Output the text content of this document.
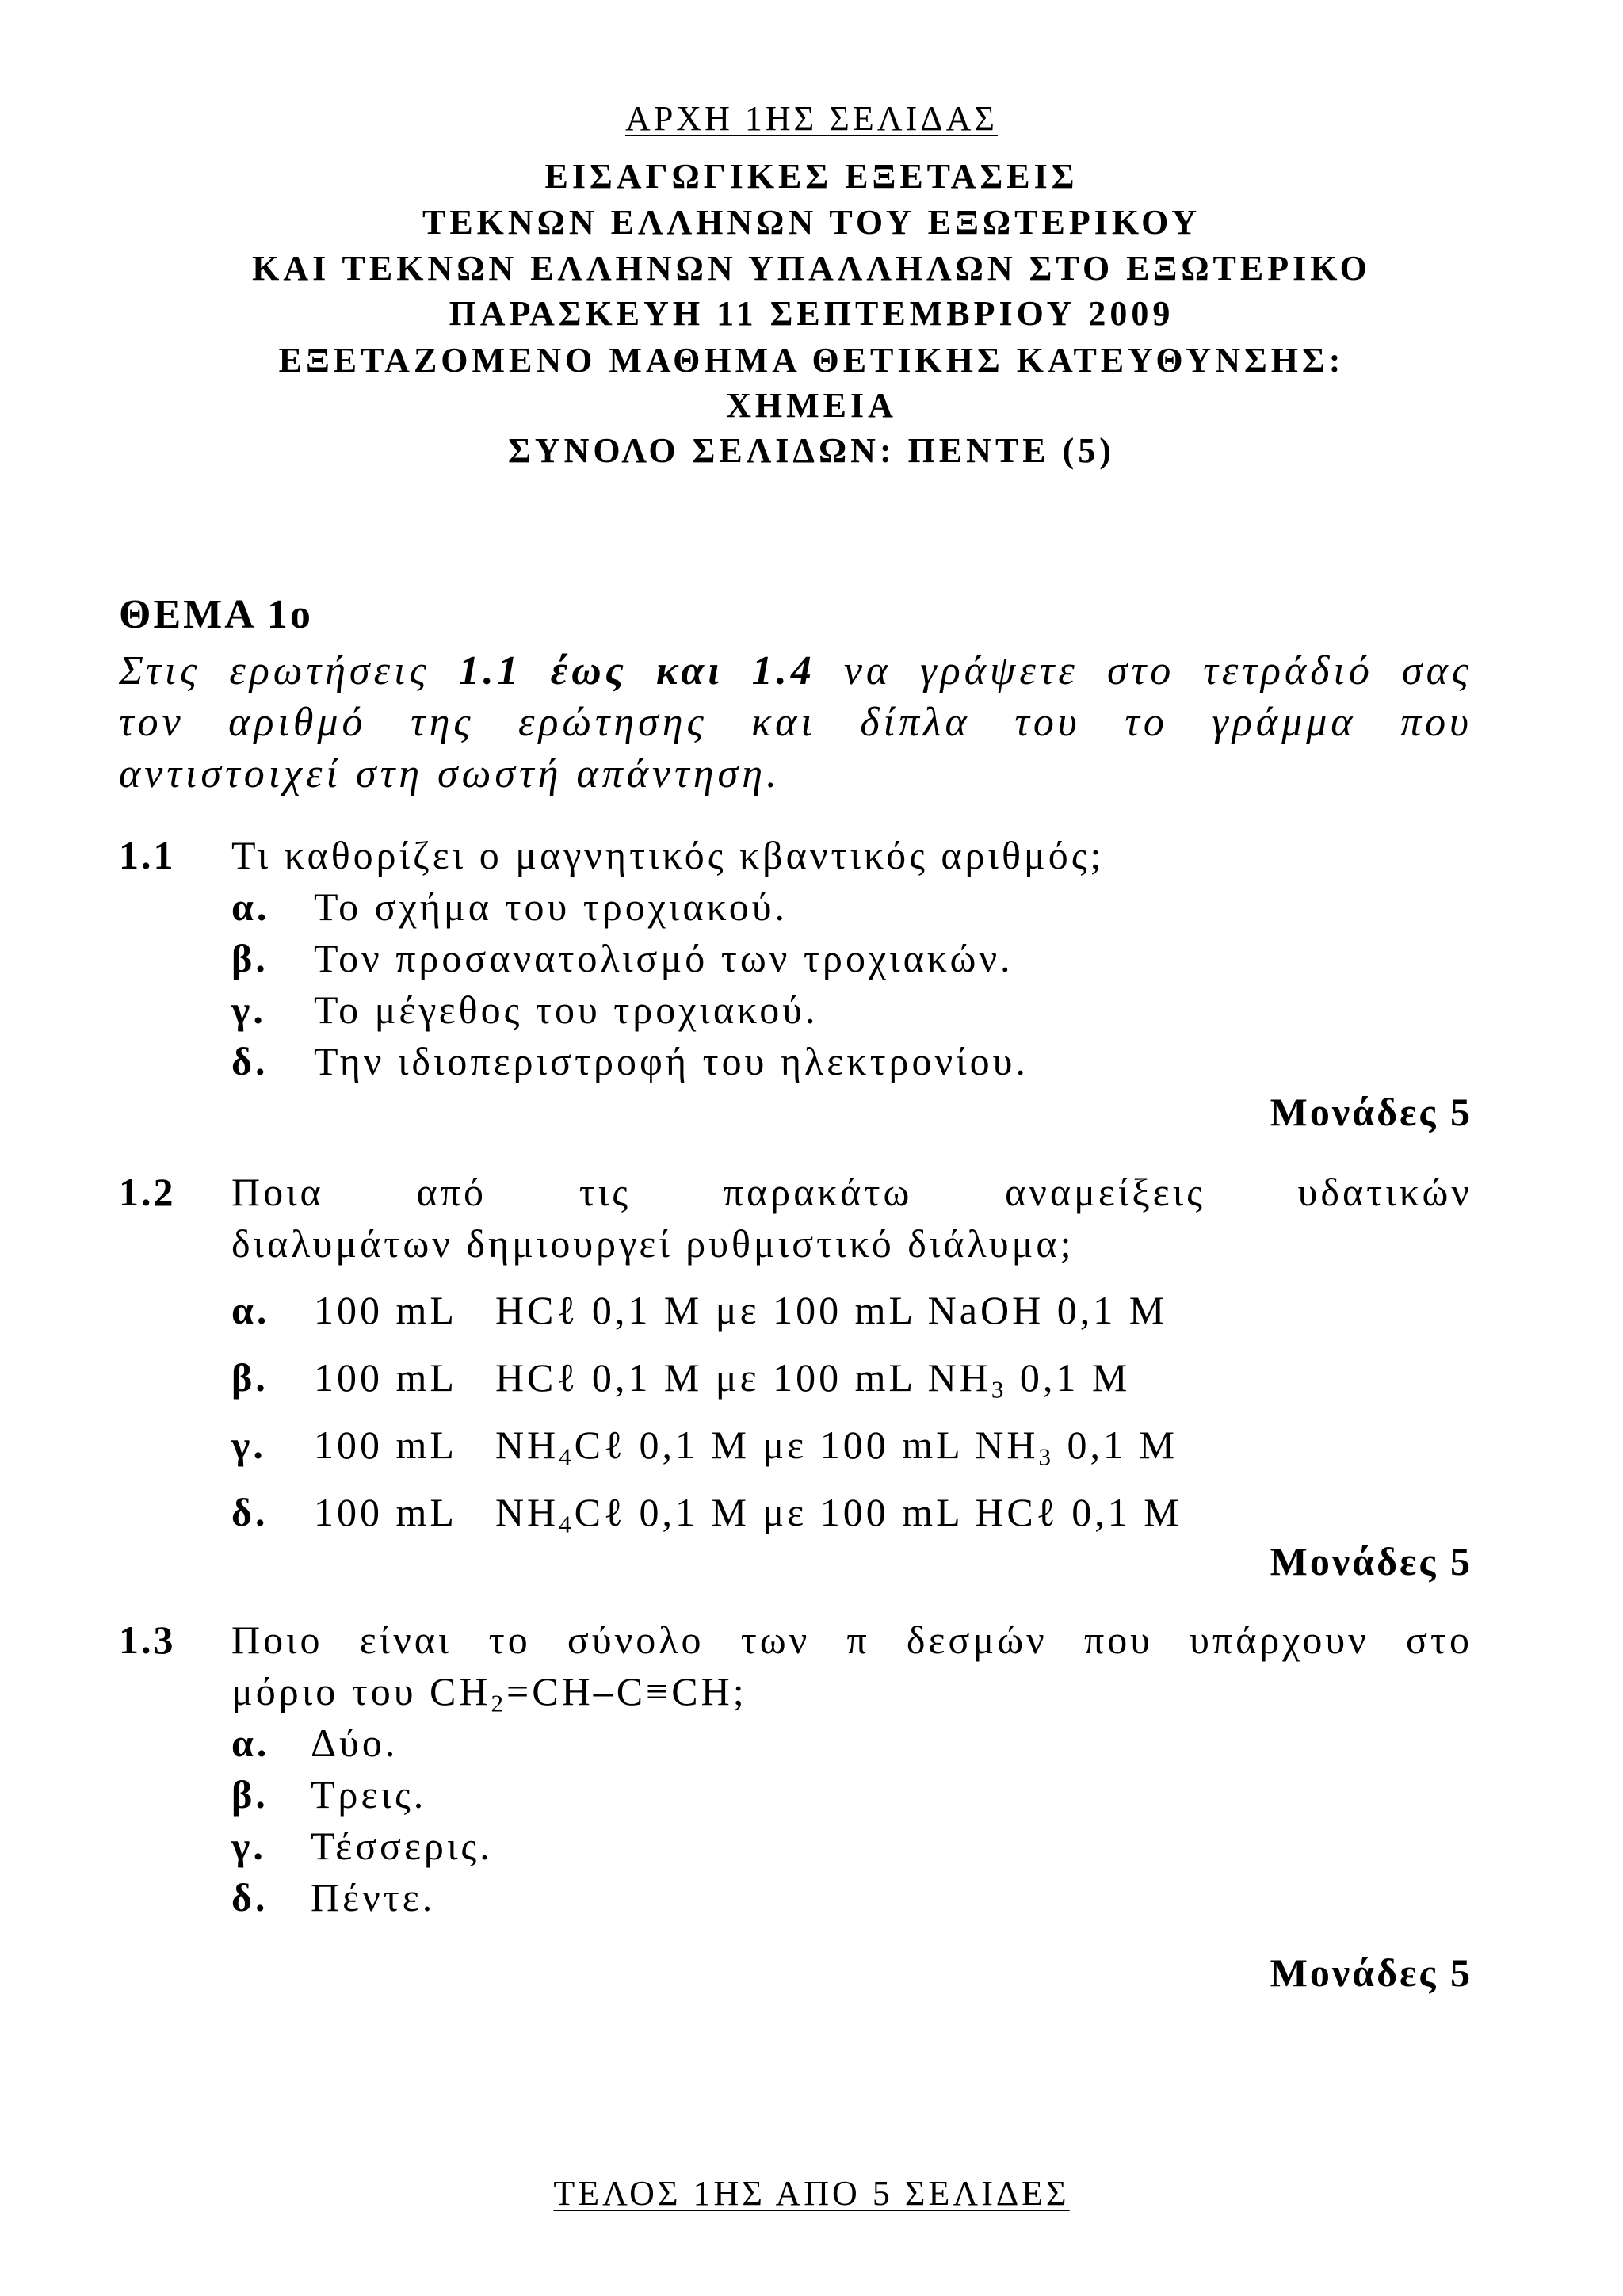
ΑΡΧΗ 1ΗΣ ΣΕΛΙΔΑΣ
ΕΙΣΑΓΩΓΙΚΕΣ ΕΞΕΤΑΣΕΙΣ
ΤΕΚΝΩΝ ΕΛΛΗΝΩΝ ΤΟΥ ΕΞΩΤΕΡΙΚΟΥ
ΚΑΙ ΤΕΚΝΩΝ ΕΛΛΗΝΩΝ ΥΠΑΛΛΗΛΩΝ ΣΤΟ ΕΞΩΤΕΡΙΚΟ
ΠΑΡΑΣΚΕΥΗ 11 ΣΕΠΤΕΜΒΡΙΟΥ 2009
ΕΞΕΤΑΖΟΜΕΝΟ ΜΑΘΗΜΑ ΘΕΤΙΚΗΣ ΚΑΤΕΥΘΥΝΣΗΣ:
ΧΗΜΕΙΑ
ΣΥΝΟΛΟ ΣΕΛΙΔΩΝ: ΠΕΝΤΕ (5)
ΘΕΜΑ 1ο
Στις ερωτήσεις 1.1 έως και 1.4 να γράψετε στο τετράδιό σας
τον αριθμό της ερώτησης και δίπλα του το γράμμα που
αντιστοιχεί στη σωστή απάντηση.
1.1 Τι καθορίζει ο μαγνητικός κβαντικός αριθμός;
α. Το σχήμα του τροχιακού.
β. Τον προσανατολισμό των τροχιακών.
γ. Το μέγεθος του τροχιακού.
δ. Την ιδιοπεριστροφή του ηλεκτρονίου.
Μονάδες 5
1.2 Ποια από τις παρακάτω αναμείξεις υδατικών
διαλυμάτων δημιουργεί ρυθμιστικό διάλυμα;
α. 100 mL HCℓ 0,1 M με 100 mL NaOH 0,1 M
β. 100 mL HCℓ 0,1 M με 100 mL $NH_3$ 0,1 M
γ. 100 mL $NH_4C\ell$ 0,1 M με 100 mL $NH_3$ 0,1 M
δ. 100 mL $NH_4C\ell$ 0,1 M με 100 mL HCℓ 0,1 M
Μονάδες 5
1.3 Ποιο είναι το σύνολο των π δεσμών που υπάρχουν στο
μόριο του $CH_2=CH-C\equiv CH$;
α. Δύο.
β. Τρεις.
γ. Τέσσερις.
δ. Πέντε.
Μονάδες 5
ΤΕΛΟΣ 1ΗΣ ΑΠΟ 5 ΣΕΛΙΔΕΣ
